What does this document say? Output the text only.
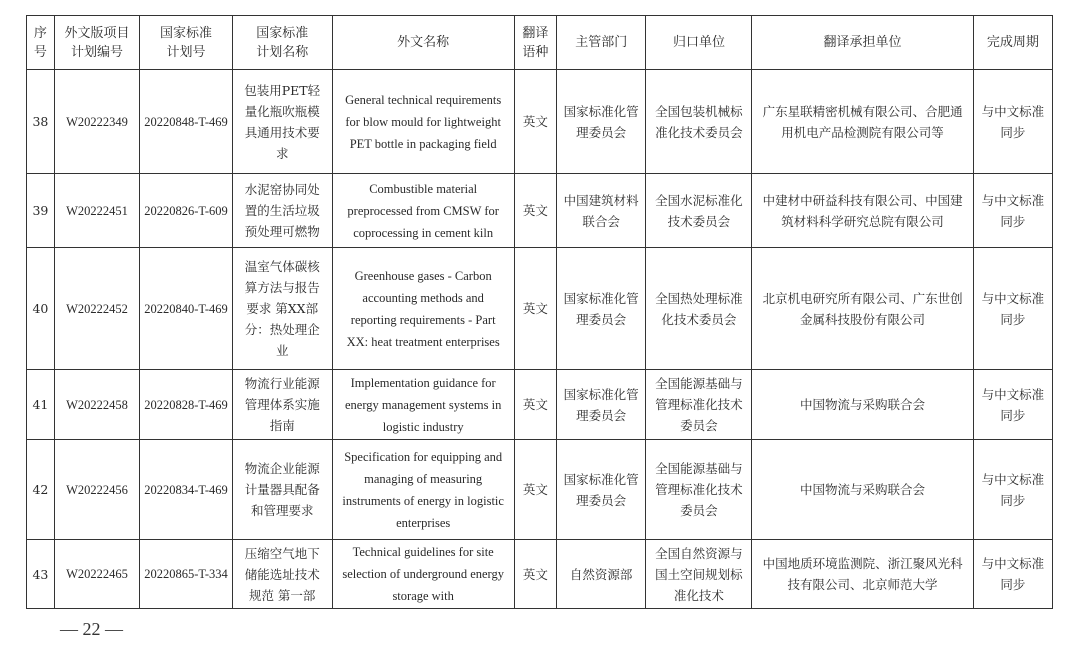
序号	外文版项目计划编号	国家标准计划号	国家标准计划名称	外文名称	翻译语种	主管部门	归口单位	翻译承担单位	完成周期

38	W20222349	20220848-T-469	包装用PET轻量化瓶吹瓶模具通用技术要求	General technical requirements for blow mould for lightweight PET bottle in packaging field	英文	国家标准化管理委员会	全国包装机械标准化技术委员会	广东星联精密机械有限公司、合肥通用机电产品检测院有限公司等	与中文标准同步

39	W20222451	20220826-T-609	水泥窑协同处置的生活垃圾预处理可燃物	Combustible material preprocessed from CMSW for coprocessing in cement kiln	英文	中国建筑材料联合会	全国水泥标准化技术委员会	中建材中研益科技有限公司、中国建筑材料科学研究总院有限公司	与中文标准同步

40	W20222452	20220840-T-469	温室气体碳核算方法与报告要求 第XX部分：热处理企业	Greenhouse gases - Carbon accounting methods and reporting requirements - Part XX: heat treatment enterprises	英文	国家标准化管理委员会	全国热处理标准化技术委员会	北京机电研究所有限公司、广东世创金属科技股份有限公司	与中文标准同步

41	W20222458	20220828-T-469	物流行业能源管理体系实施指南	Implementation guidance for energy management systems in logistic industry	英文	国家标准化管理委员会	全国能源基础与管理标准化技术委员会	中国物流与采购联合会	与中文标准同步

42	W20222456	20220834-T-469	物流企业能源计量器具配备和管理要求	Specification for equipping and managing of measuring instruments of energy in logistic enterprises	英文	国家标准化管理委员会	全国能源基础与管理标准化技术委员会	中国物流与采购联合会	与中文标准同步

43	W20222465	20220865-T-334	压缩空气地下储能选址技术规范 第一部	Technical guidelines for site selection of underground energy storage with	英文	自然资源部	全国自然资源与国土空间规划标准化技术	中国地质环境监测院、浙江聚风光科技有限公司、北京师范大学	与中文标准同步
— 22 —
